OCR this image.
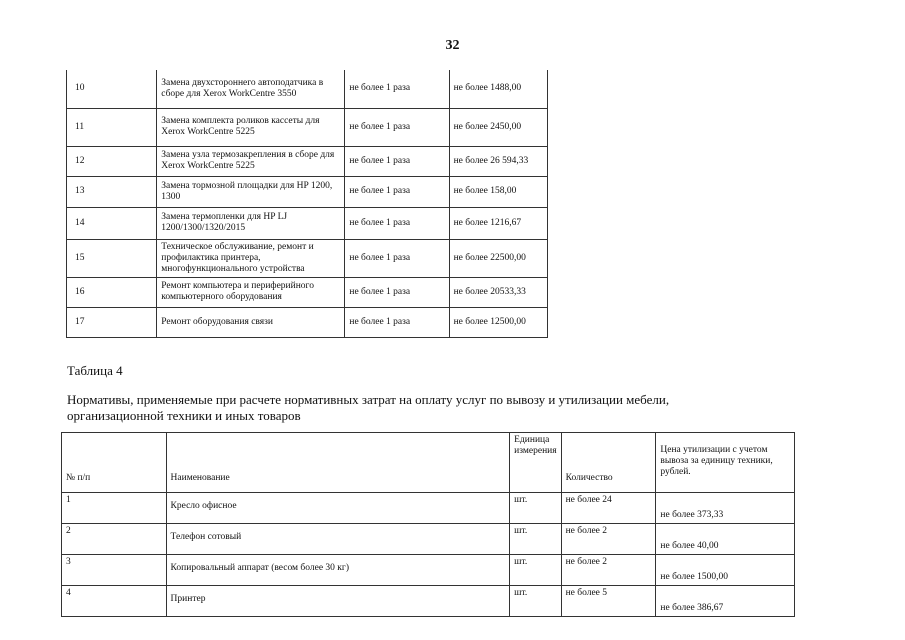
32
10	Замена двухстороннего автоподатчика в сборе для Xerox WorkCentre 3550	не более 1 раза	не более 1488,00
11	Замена комплекта роликов кассеты для Xerox WorkCentre 5225	не более 1 раза	не более 2450,00
12	Замена узла термозакрепления в сборе для Xerox WorkCentre 5225	не более 1 раза	не более 26 594,33
13	Замена тормозной площадки для HP 1200, 1300	не более 1 раза	не более 158,00
14	Замена термопленки для HP LJ 1200/1300/1320/2015	не более 1 раза	не более 1216,67
15	Техническое обслуживание, ремонт и профилактика принтера, многофункционального устройства	не более 1 раза	не более 22500,00
16	Ремонт компьютера и периферийного компьютерного оборудования	не более 1 раза	не более 20533,33
17	Ремонт оборудования связи	не более 1 раза	не более 12500,00
Таблица 4
Нормативы, применяемые при расчете нормативных затрат на оплату услуг по вывозу и утилизации мебели, организационной техники и иных товаров
№ п/п	Наименование	Единица измерения	Количество	Цена утилизации с учетом вывоза за единицу техники, рублей.
1	Кресло офисное	шт.	не более 24	не более 373,33
2	Телефон сотовый	шт.	не более 2	не более 40,00
3	Копировальный аппарат (весом более 30 кг)	шт.	не более 2	не более 1500,00
4	Принтер	шт.	не более 5	не более 386,67
